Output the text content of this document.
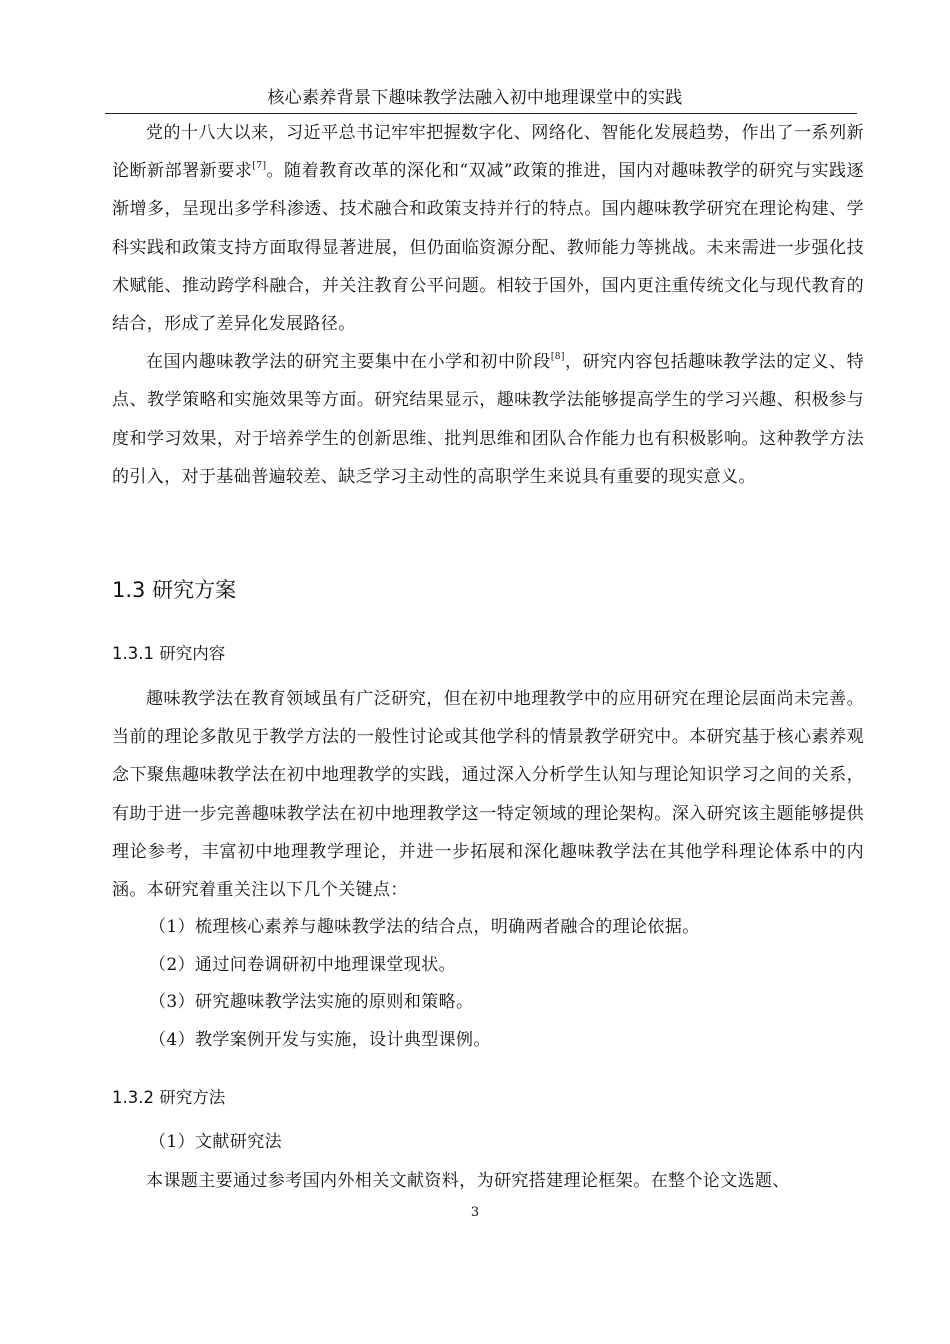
核心素养背景下趣味教学法融入初中地理课堂中的实践

党的十八大以来，习近平总书记牢牢把握数字化、网络化、智能化发展趋势，作出了一系列新论断新部署新要求[7]。随着教育改革的深化和“双减”政策的推进，国内对趣味教学的研究与实践逐渐增多，呈现出多学科渗透、技术融合和政策支持并行的特点。国内趣味教学研究在理论构建、学科实践和政策支持方面取得显著进展，但仍面临资源分配、教师能力等挑战。未来需进一步强化技术赋能、推动跨学科融合，并关注教育公平问题。相较于国外，国内更注重传统文化与现代教育的结合，形成了差异化发展路径。

在国内趣味教学法的研究主要集中在小学和初中阶段[8]，研究内容包括趣味教学法的定义、特点、教学策略和实施效果等方面。研究结果显示，趣味教学法能够提高学生的学习兴趣、积极参与度和学习效果，对于培养学生的创新思维、批判思维和团队合作能力也有积极影响。这种教学方法的引入，对于基础普遍较差、缺乏学习主动性的高职学生来说具有重要的现实意义。

1.3 研究方案
1.3.1 研究内容

趣味教学法在教育领域虽有广泛研究，但在初中地理教学中的应用研究在理论层面尚未完善。当前的理论多散见于教学方法的一般性讨论或其他学科的情景教学研究中。本研究基于核心素养观念下聚焦趣味教学法在初中地理教学的实践，通过深入分析学生认知与理论知识学习之间的关系，有助于进一步完善趣味教学法在初中地理教学这一特定领域的理论架构。深入研究该主题能够提供理论参考，丰富初中地理教学理论，并进一步拓展和深化趣味教学法在其他学科理论体系中的内涵。本研究着重关注以下几个关键点：

（1）梳理核心素养与趣味教学法的结合点，明确两者融合的理论依据。

（2）通过问卷调研初中地理课堂现状。

（3）研究趣味教学法实施的原则和策略。

（4）教学案例开发与实施，设计典型课例。

1.3.2 研究方法

（1）文献研究法

本课题主要通过参考国内外相关文献资料，为研究搭建理论框架。在整个论文选题、

3
